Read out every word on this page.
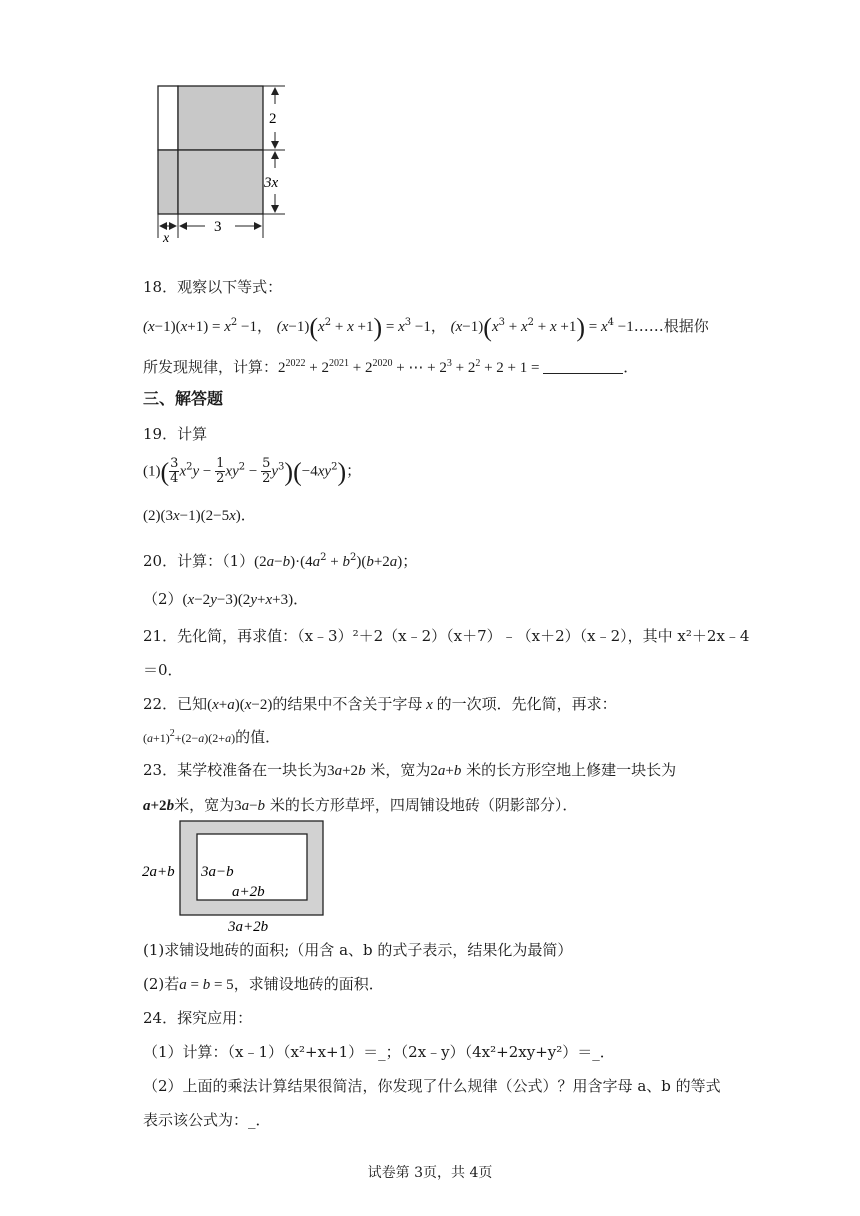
2
3x
x
3
18．观察以下等式：
$(x-1)(x+1) = x^2 -1$， $(x-1)(x^2 + x +1) = x^3 -1$， $(x-1)(x^3 + x^2 + x +1) = x^4$ −1……根据你
所发现规律，计算：$2^{2022} + 2^{2021} + 2^{2020}$ + ⋯ + $2^3 + 2^2 + 2 + 1$ =	．
三、解答题
19．计算
$(1)( \frac{3}{4} x^2y - \frac{1}{2} xy^2 - \frac{5}{2} y^3)(-4xy^2)$；
(2)(3x−1)(2−5x)．
20．计算：$(1)(2a-b)\cdot(4a^2 + b^2)(b+2a)$；
（2）(x−2y−3)(2y+x+3)．
21．先化简，再求值：（x﹣3）²＋2（x﹣2）（x＋7）﹣（x＋2）（x﹣2），其中 x²＋2x﹣4
＝0．
22．已知(x+a)(x−2)的结果中不含关于字母 x 的一次项．先化简，再求：
$(a+1)^2+(2-a)(2+a)$的值．
23．某学校准备在一块长为3a+2b 米，宽为2a+b 米的长方形空地上修建一块长为
a+2b米，宽为3a−b 米的长方形草坪，四周铺设地砖（阴影部分）．
2a+b 3a−b
a+2b
3a+2b
(1)求铺设地砖的面积;（用含 a、b 的式子表示，结果化为最简）
(2)若a = b = 5，求铺设地砖的面积．
24．探究应用：
（1）计算：（x﹣1）（x²+x+1）＝_；（2x﹣y）（4x²+2xy+y²）＝_．
（2）上面的乘法计算结果很简洁，你发现了什么规律（公式）？用含字母 a、b 的等式
表示该公式为：_．
试卷第 3页，共 4页
